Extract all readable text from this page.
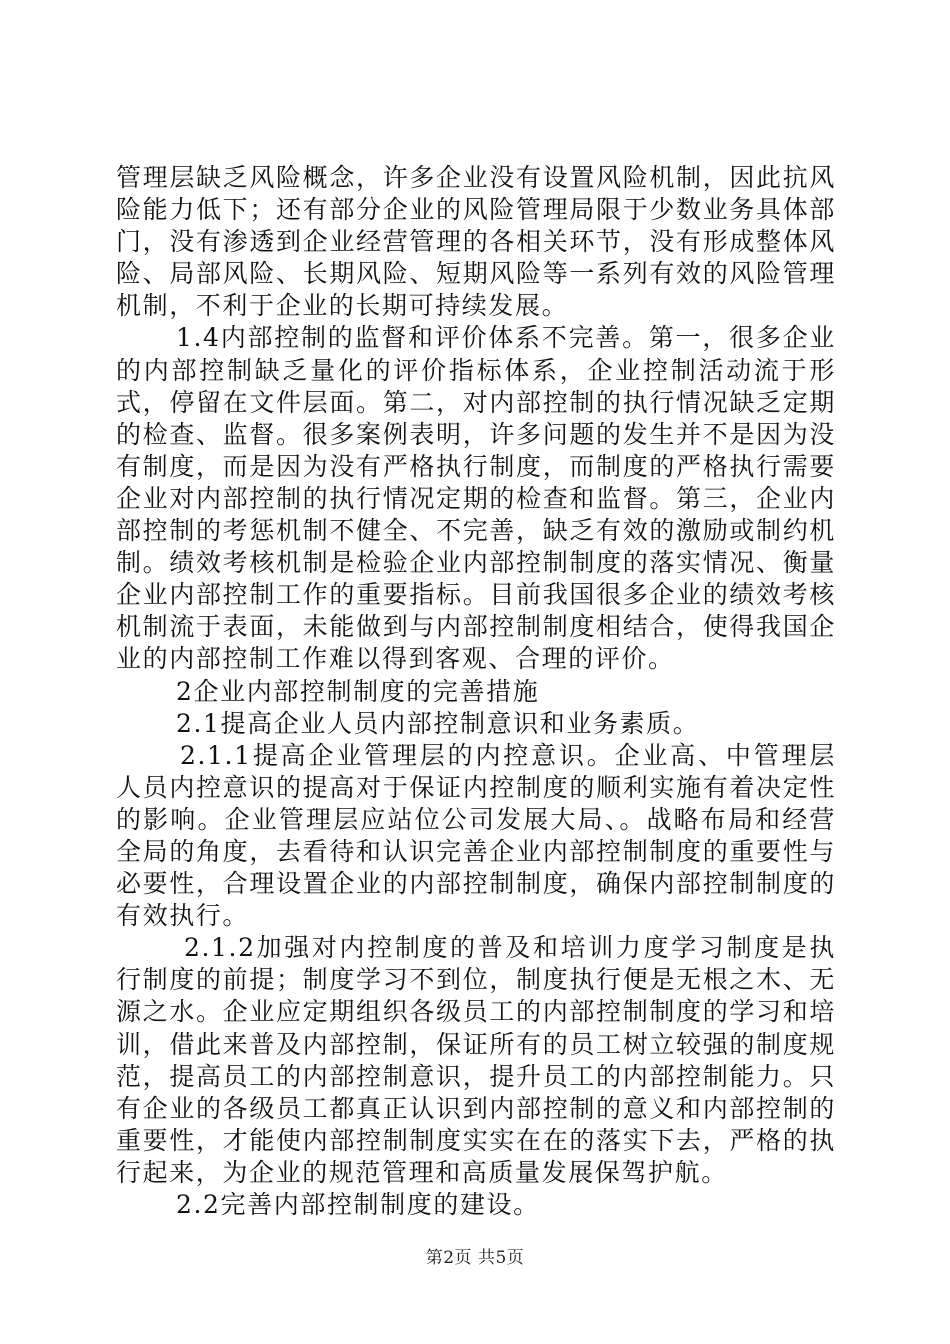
管理层缺乏风险概念，许多企业没有设置风险机制，因此抗风险能力低下；还有部分企业的风险管理局限于少数业务具体部门，没有渗透到企业经营管理的各相关环节，没有形成整体风险、局部风险、长期风险、短期风险等一系列有效的风险管理机制，不利于企业的长期可持续发展。

1.4内部控制的监督和评价体系不完善。第一，很多企业的内部控制缺乏量化的评价指标体系，企业控制活动流于形式，停留在文件层面。第二，对内部控制的执行情况缺乏定期的检查、监督。很多案例表明，许多问题的发生并不是因为没有制度，而是因为没有严格执行制度，而制度的严格执行需要企业对内部控制的执行情况定期的检查和监督。第三，企业内部控制的考惩机制不健全、不完善，缺乏有效的激励或制约机制。绩效考核机制是检验企业内部控制制度的落实情况、衡量企业内部控制工作的重要指标。目前我国很多企业的绩效考核机制流于表面，未能做到与内部控制制度相结合，使得我国企业的内部控制工作难以得到客观、合理的评价。

2企业内部控制制度的完善措施

2.1提高企业人员内部控制意识和业务素质。

2.1.1提高企业管理层的内控意识。企业高、中管理层人员内控意识的提高对于保证内控制度的顺利实施有着决定性的影响。企业管理层应站位公司发展大局、。战略布局和经营全局的角度，去看待和认识完善企业内部控制制度的重要性与必要性，合理设置企业的内部控制制度，确保内部控制制度的有效执行。

2.1.2加强对内控制度的普及和培训力度学习制度是执行制度的前提；制度学习不到位，制度执行便是无根之木、无源之水。企业应定期组织各级员工的内部控制制度的学习和培训，借此来普及内部控制，保证所有的员工树立较强的制度规范，提高员工的内部控制意识，提升员工的内部控制能力。只有企业的各级员工都真正认识到内部控制的意义和内部控制的重要性，才能使内部控制制度实实在在的落实下去，严格的执行起来，为企业的规范管理和高质量发展保驾护航。

2.2完善内部控制制度的建设。

第2页 共5页
